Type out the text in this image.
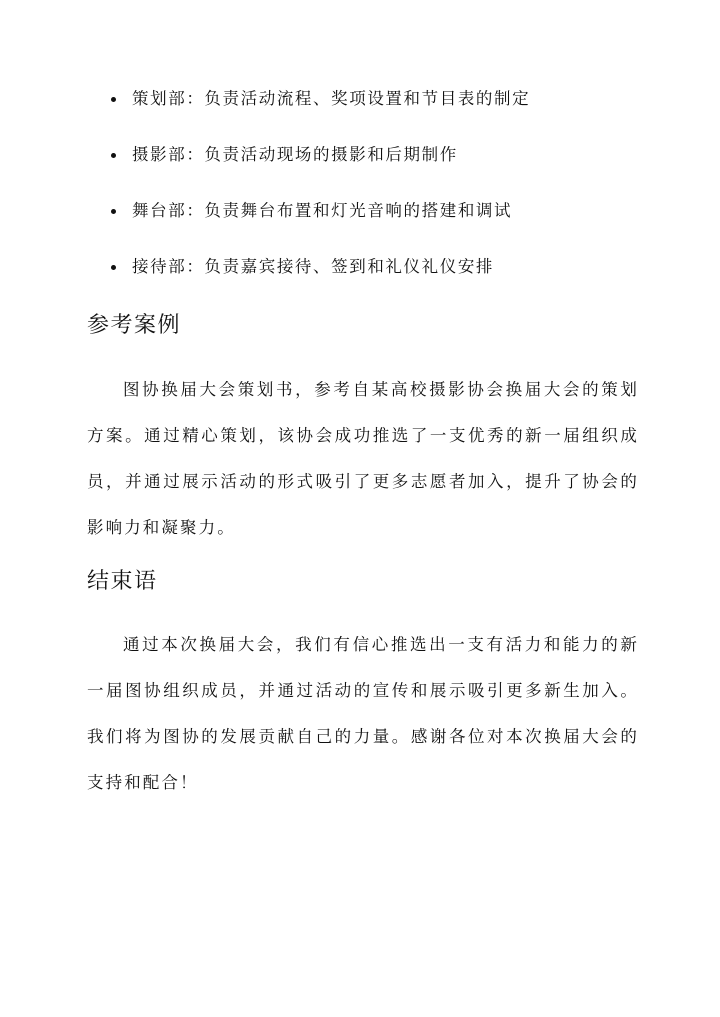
策划部：负责活动流程、奖项设置和节目表的制定
摄影部：负责活动现场的摄影和后期制作
舞台部：负责舞台布置和灯光音响的搭建和调试
接待部：负责嘉宾接待、签到和礼仪礼仪安排
参考案例

图协换届大会策划书，参考自某高校摄影协会换届大会的策划方案。通过精心策划，该协会成功推选了一支优秀的新一届组织成员，并通过展示活动的形式吸引了更多志愿者加入，提升了协会的影响力和凝聚力。

结束语

通过本次换届大会，我们有信心推选出一支有活力和能力的新一届图协组织成员，并通过活动的宣传和展示吸引更多新生加入。我们将为图协的发展贡献自己的力量。感谢各位对本次换届大会的支持和配合！
